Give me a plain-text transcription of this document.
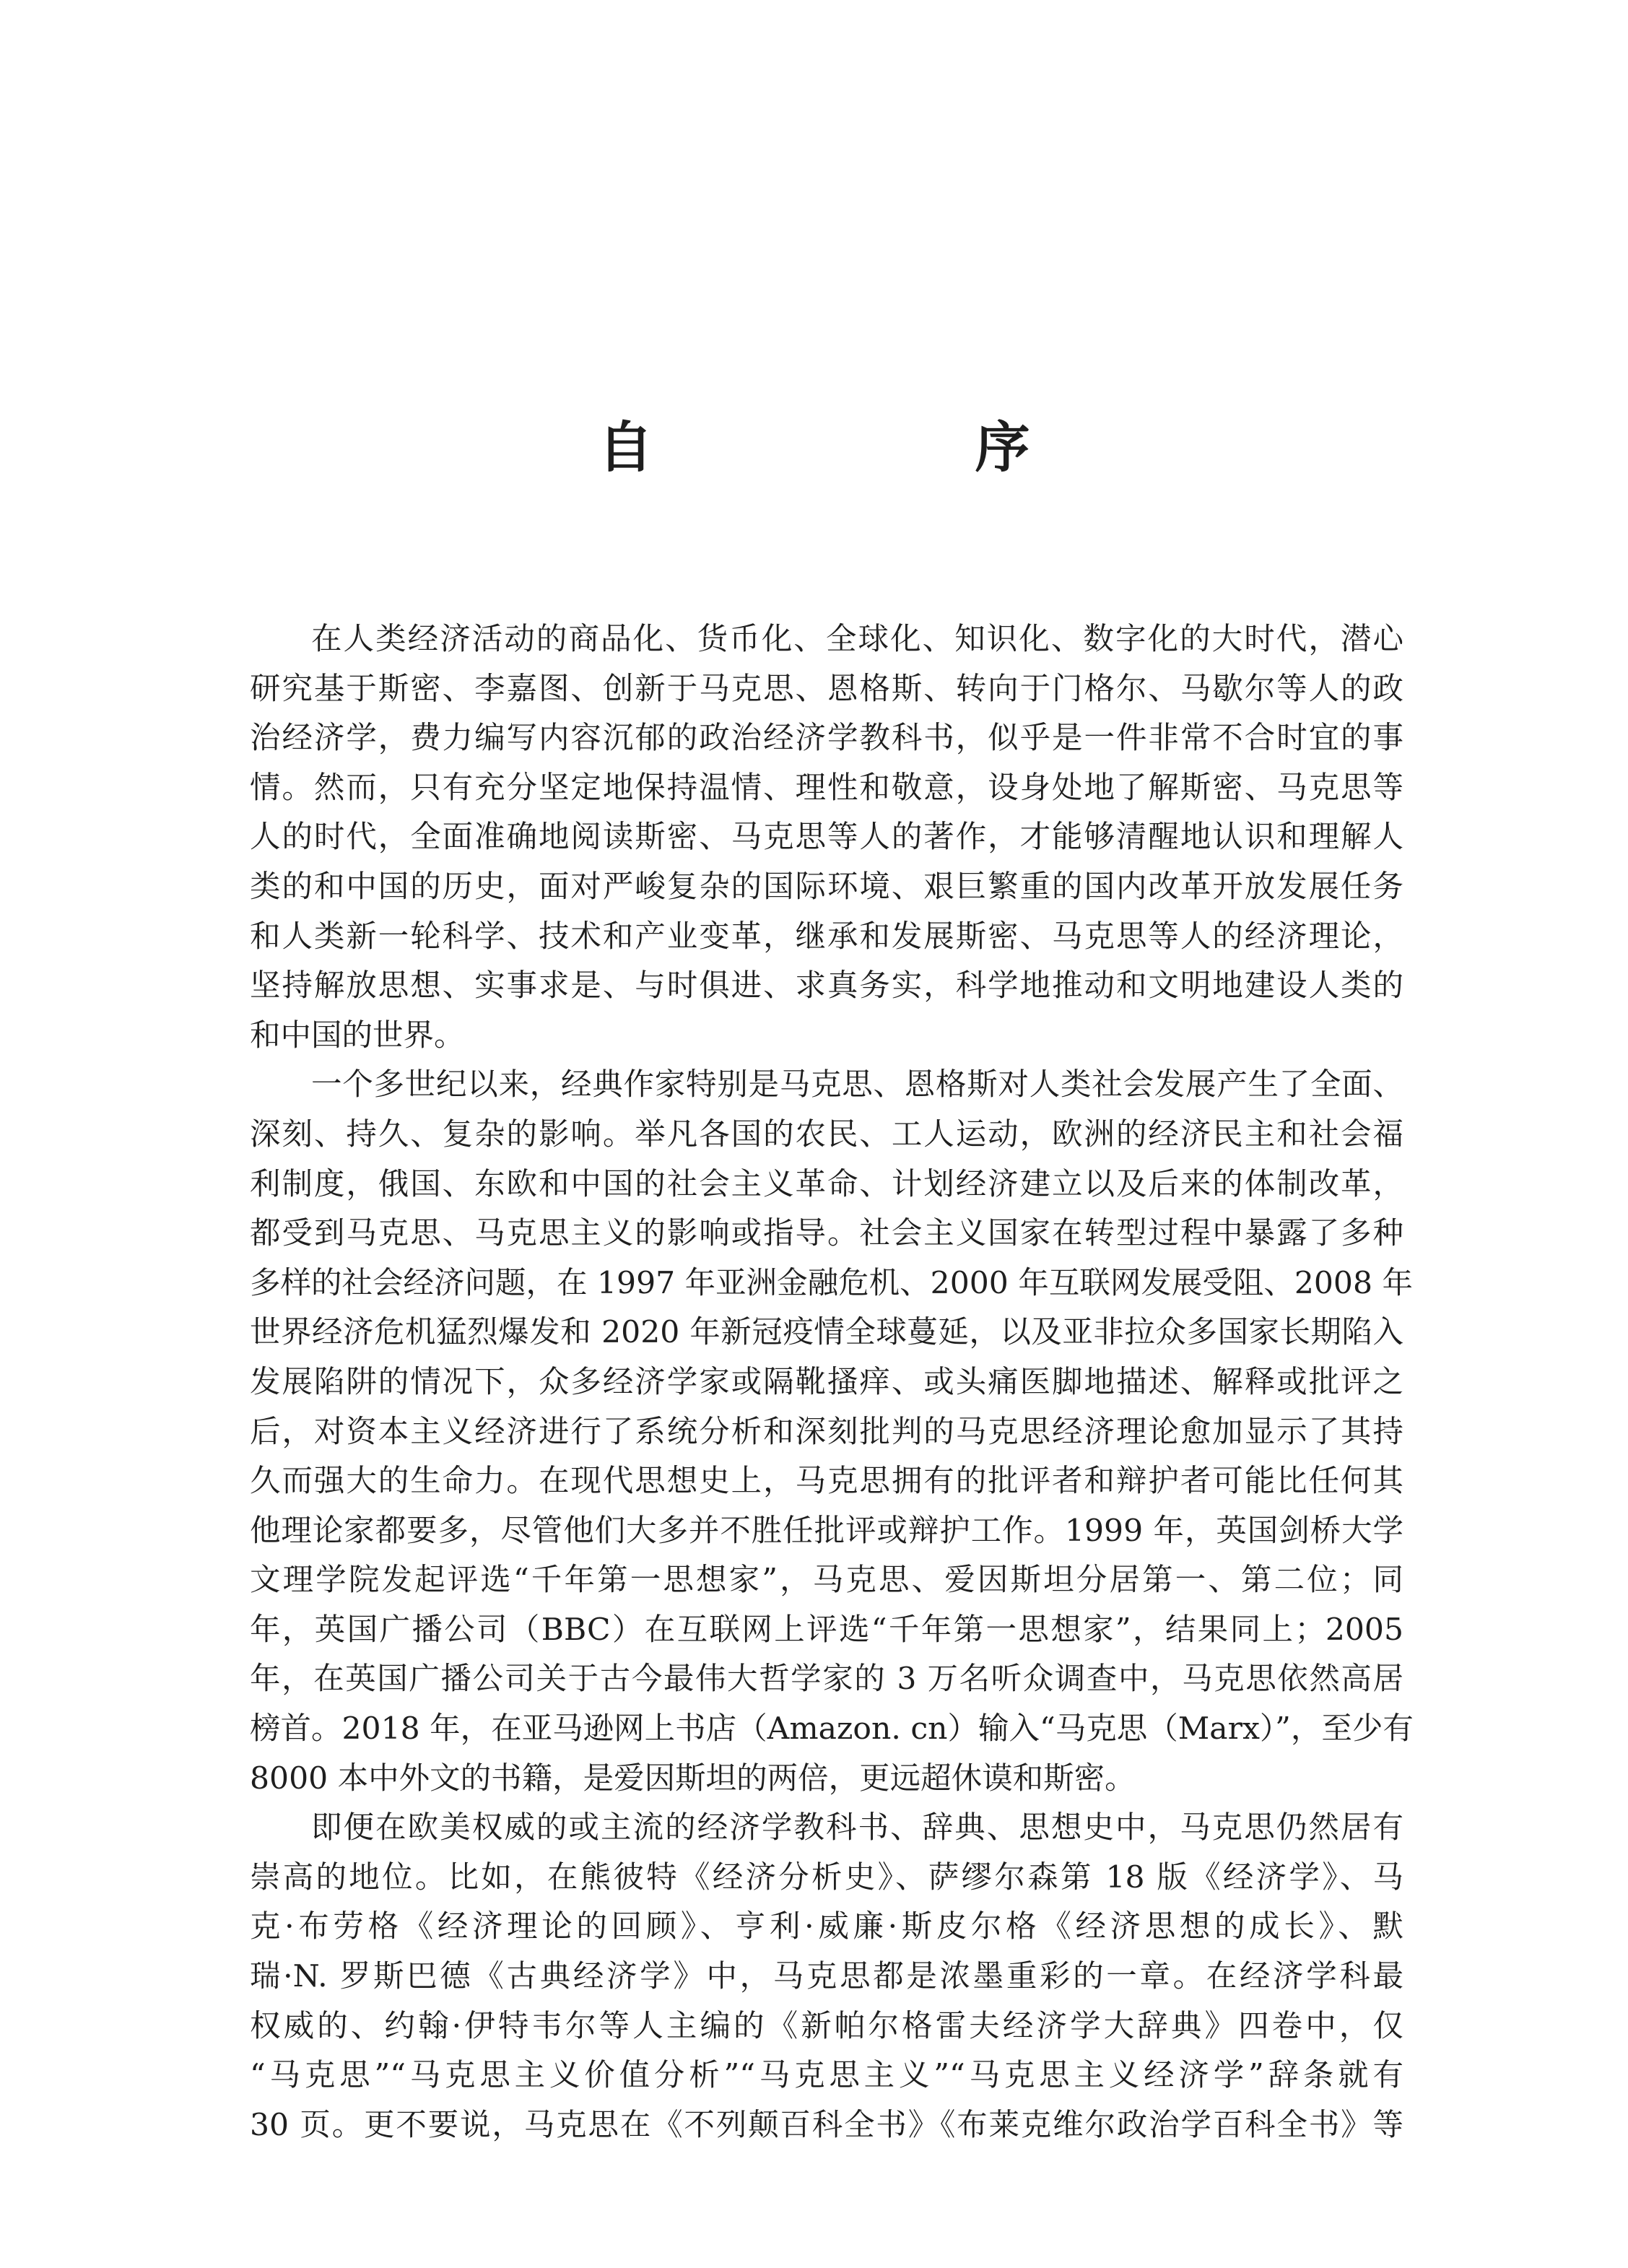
自　序
在人类经济活动的商品化、货币化、全球化、知识化、数字化的大时代，潜心
研究基于斯密、李嘉图、创新于马克思、恩格斯、转向于门格尔、马歇尔等人的政
治经济学，费力编写内容沉郁的政治经济学教科书，似乎是一件非常不合时宜的事
情。然而，只有充分坚定地保持温情、理性和敬意，设身处地了解斯密、马克思等
人的时代，全面准确地阅读斯密、马克思等人的著作，才能够清醒地认识和理解人
类的和中国的历史，面对严峻复杂的国际环境、艰巨繁重的国内改革开放发展任务
和人类新一轮科学、技术和产业变革，继承和发展斯密、马克思等人的经济理论，
坚持解放思想、实事求是、与时俱进、求真务实，科学地推动和文明地建设人类的
和中国的世界。
一个多世纪以来，经典作家特别是马克思、恩格斯对人类社会发展产生了全面、
深刻、持久、复杂的影响。举凡各国的农民、工人运动，欧洲的经济民主和社会福
利制度，俄国、东欧和中国的社会主义革命、计划经济建立以及后来的体制改革，
都受到马克思、马克思主义的影响或指导。社会主义国家在转型过程中暴露了多种
多样的社会经济问题，在 1997 年亚洲金融危机、2000 年互联网发展受阻、2008 年
世界经济危机猛烈爆发和 2020 年新冠疫情全球蔓延，以及亚非拉众多国家长期陷入
发展陷阱的情况下，众多经济学家或隔靴搔痒、或头痛医脚地描述、解释或批评之
后，对资本主义经济进行了系统分析和深刻批判的马克思经济理论愈加显示了其持
久而强大的生命力。在现代思想史上，马克思拥有的批评者和辩护者可能比任何其
他理论家都要多，尽管他们大多并不胜任批评或辩护工作。1999 年，英国剑桥大学
文理学院发起评选“千年第一思想家”，马克思、爱因斯坦分居第一、第二位；同
年，英国广播公司（BBC）在互联网上评选“千年第一思想家”，结果同上；2005
年，在英国广播公司关于古今最伟大哲学家的 3 万名听众调查中，马克思依然高居
榜首。2018 年，在亚马逊网上书店（Amazon. cn）输入“马克思（Marx）”，至少有
8000 本中外文的书籍，是爱因斯坦的两倍，更远超休谟和斯密。
即便在欧美权威的或主流的经济学教科书、辞典、思想史中，马克思仍然居有
崇高的地位。比如，在熊彼特《经济分析史》、萨缪尔森第 18 版《经济学》、马
克·布劳格《经济理论的回顾》、亨利·威廉·斯皮尔格《经济思想的成长》、默
瑞·N. 罗斯巴德《古典经济学》中，马克思都是浓墨重彩的一章。在经济学科最
权威的、约翰·伊特韦尔等人主编的《新帕尔格雷夫经济学大辞典》四卷中，仅
“马克思”“马克思主义价值分析”“马克思主义”“马克思主义经济学”辞条就有
30 页。更不要说，马克思在《不列颠百科全书》《布莱克维尔政治学百科全书》等
